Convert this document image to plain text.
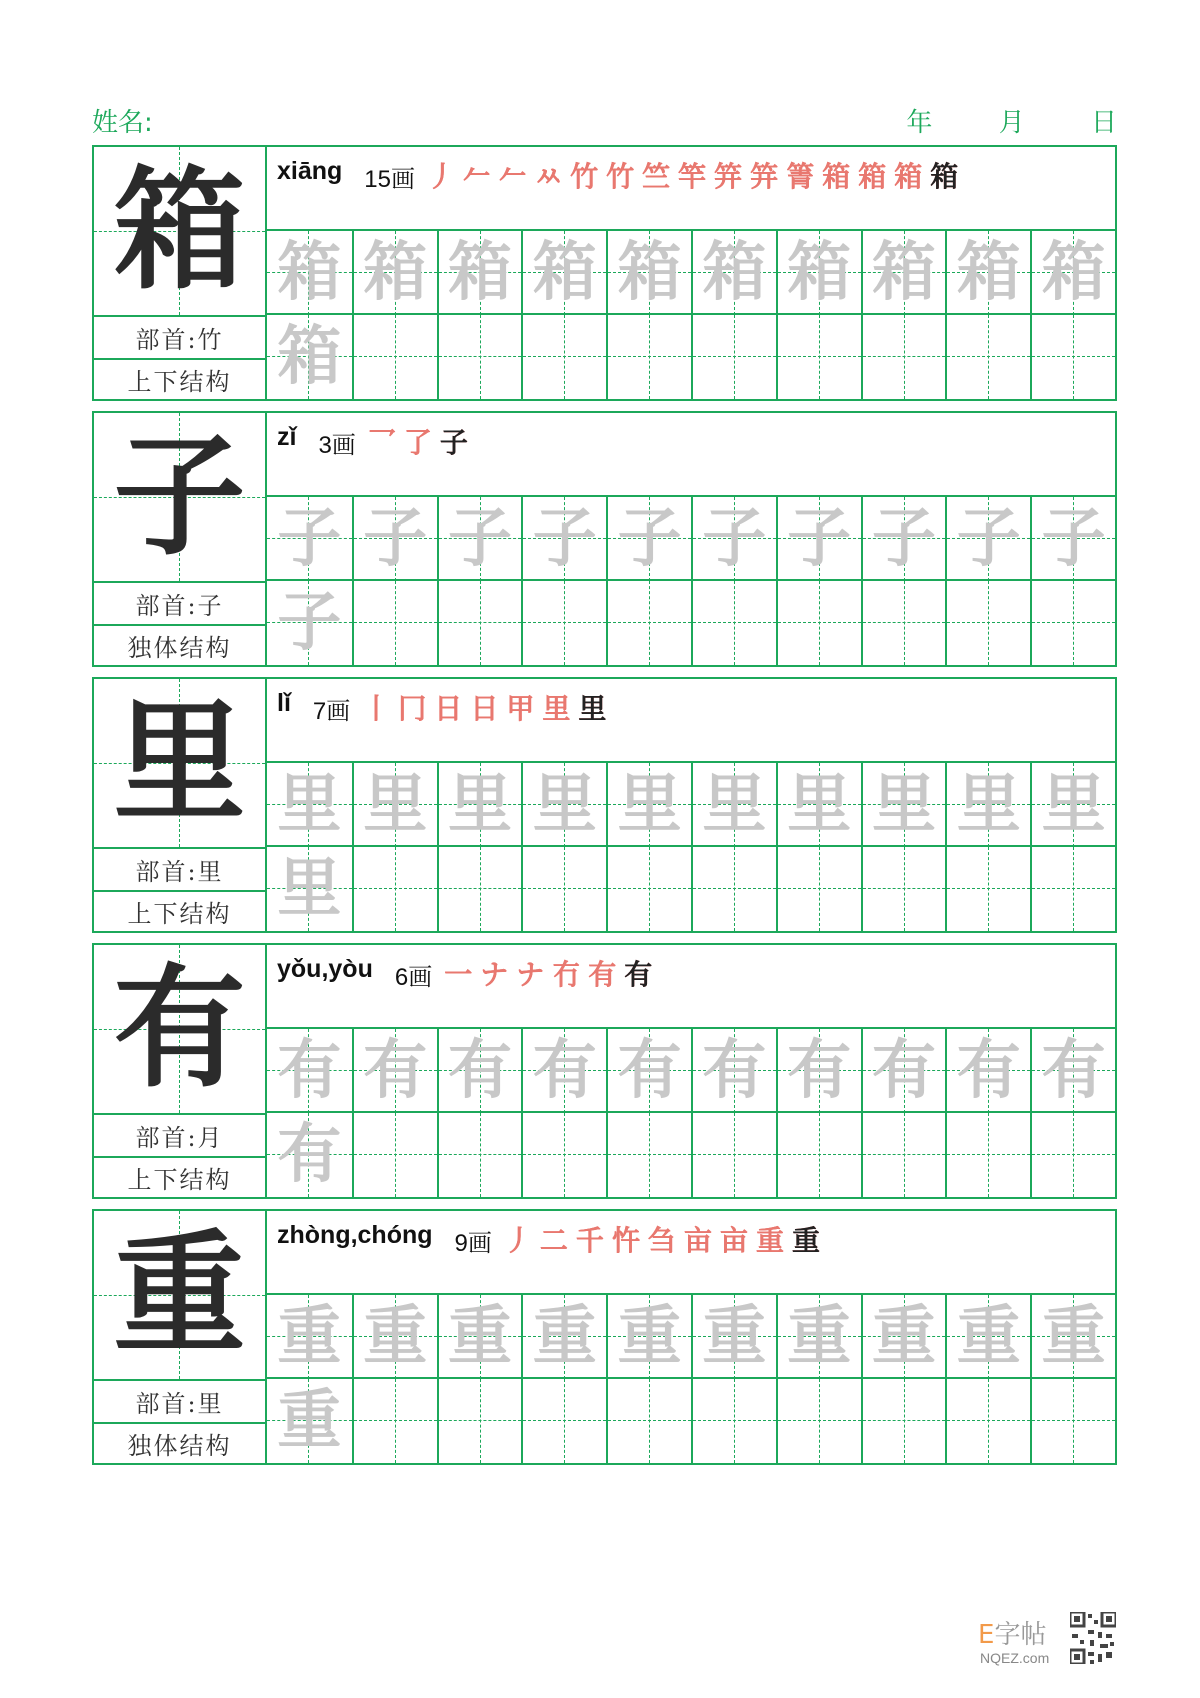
姓名:	年	月	日
箱
部首:竹
上下结构
xiāng 15画 丿 𠂉 𠂉 ㅆ 竹 竹 竺 竿 笄 笄 箐 箱 箱 箱 箱
箱 箱 箱 箱 箱 箱 箱 箱 箱 箱
箱
子
部首:子
独体结构
zǐ 3画 乛 了 子
子 子 子 子 子 子 子 子 子 子
子
里
部首:里
上下结构
lǐ 7画 丨 冂 日 日 甲 里 里
里 里 里 里 里 里 里 里 里 里
里
有
部首:月
上下结构
yǒu,yòu 6画 一 ナ ナ 冇 有 有
有 有 有 有 有 有 有 有 有 有
有
重
部首:里
独体结构
zhòng,chóng 9画 丿 二 千 忤 刍 亩 亩 重 重
重 重 重 重 重 重 重 重 重 重
重
E字帖
NQEZ.com
